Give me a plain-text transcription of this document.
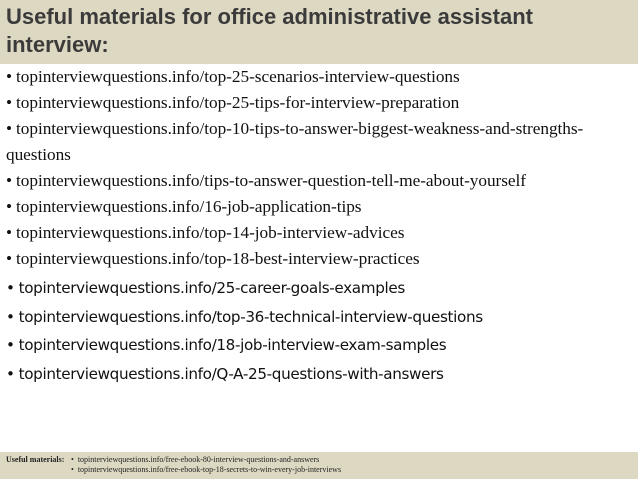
Useful materials for office administrative assistant interview:
• topinterviewquestions.info/top-25-scenarios-interview-questions
• topinterviewquestions.info/top-25-tips-for-interview-preparation
• topinterviewquestions.info/top-10-tips-to-answer-biggest-weakness-and-strengths-questions
• topinterviewquestions.info/tips-to-answer-question-tell-me-about-yourself
• topinterviewquestions.info/16-job-application-tips
• topinterviewquestions.info/top-14-job-interview-advices
• topinterviewquestions.info/top-18-best-interview-practices
• topinterviewquestions.info/25-career-goals-examples
• topinterviewquestions.info/top-36-technical-interview-questions
• topinterviewquestions.info/18-job-interview-exam-samples
• topinterviewquestions.info/Q-A-25-questions-with-answers
Useful materials: • topinterviewquestions.info/free-ebook-80-interview-questions-and-answers
• topinterviewquestions.info/free-ebook-top-18-secrets-to-win-every-job-interviews
